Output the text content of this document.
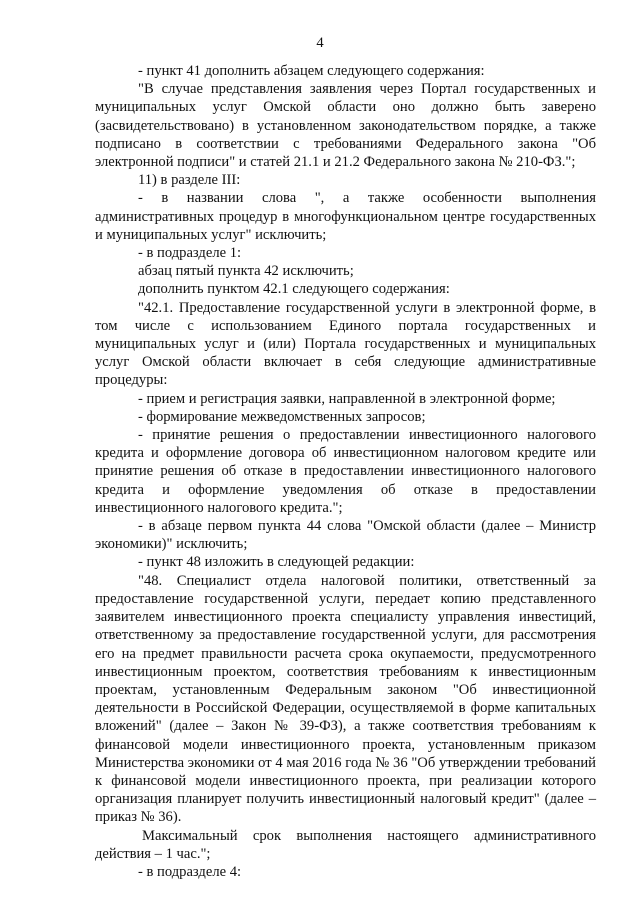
4

- пункт 41 дополнить абзацем следующего содержания:

"В случае представления заявления через Портал государственных и муниципальных услуг Омской области оно должно быть заверено (засвидетельствовано) в установленном законодательством порядке, а также подписано в соответствии с требованиями Федерального закона "Об электронной подписи" и статей 21.1 и 21.2 Федерального закона № 210-ФЗ.";

11) в разделе III:

- в названии слова ", а также особенности выполнения административных процедур в многофункциональном центре государственных и муниципальных услуг" исключить;

- в подразделе 1:

абзац пятый пункта 42 исключить;

дополнить пунктом 42.1 следующего содержания:

"42.1. Предоставление государственной услуги в электронной форме, в том числе с использованием Единого портала государственных и муниципальных услуг и (или) Портала государственных и муниципальных услуг Омской области включает в себя следующие административные процедуры:

- прием и регистрация заявки, направленной в электронной форме;

- формирование межведомственных запросов;

- принятие решения о предоставлении инвестиционного налогового кредита и оформление договора об инвестиционном налоговом кредите или принятие решения об отказе в предоставлении инвестиционного налогового кредита и оформление уведомления об отказе в предоставлении инвестиционного налогового кредита.";

- в абзаце первом пункта 44 слова "Омской области (далее – Министр экономики)" исключить;

- пункт 48 изложить в следующей редакции:

"48. Специалист отдела налоговой политики, ответственный за предоставление государственной услуги, передает копию представленного заявителем инвестиционного проекта специалисту управления инвестиций, ответственному за предоставление государственной услуги, для рассмотрения его на предмет правильности расчета срока окупаемости, предусмотренного инвестиционным проектом, соответствия требованиям к инвестиционным проектам, установленным Федеральным законом "Об инвестиционной деятельности в Российской Федерации, осуществляемой в форме капитальных вложений" (далее – Закон № 39-ФЗ), а также соответствия требованиям к финансовой модели инвестиционного проекта, установленным приказом Министерства экономики от 4 мая 2016 года № 36 "Об утверждении требований к финансовой модели инвестиционного проекта, при реализации которого организация планирует получить инвестиционный налоговый кредит" (далее – приказ № 36).

Максимальный срок выполнения настоящего административного действия – 1 час.";

- в подразделе 4:
